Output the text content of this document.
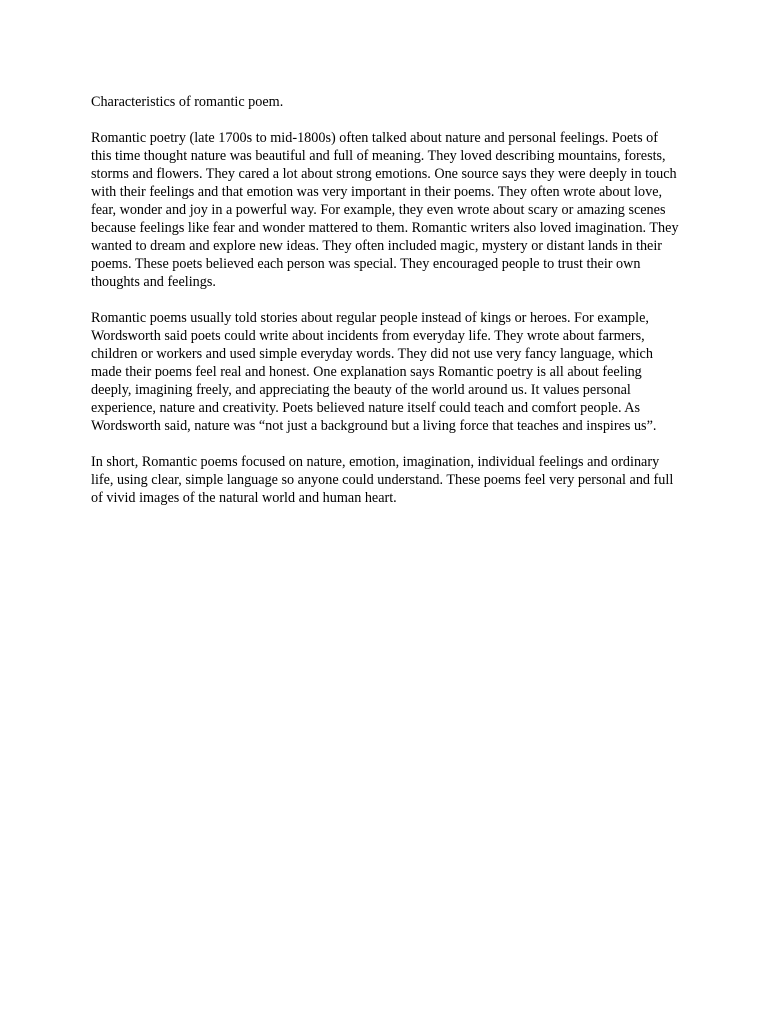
Characteristics of romantic poem.

Romantic poetry (late 1700s to mid-1800s) often talked about nature and personal feelings. Poets of this time thought nature was beautiful and full of meaning. They loved describing mountains, forests, storms and flowers. They cared a lot about strong emotions. One source says they were deeply in touch with their feelings and that emotion was very important in their poems. They often wrote about love, fear, wonder and joy in a powerful way. For example, they even wrote about scary or amazing scenes because feelings like fear and wonder mattered to them. Romantic writers also loved imagination. They wanted to dream and explore new ideas. They often included magic, mystery or distant lands in their poems. These poets believed each person was special. They encouraged people to trust their own thoughts and feelings.

Romantic poems usually told stories about regular people instead of kings or heroes. For example, Wordsworth said poets could write about incidents from everyday life. They wrote about farmers, children or workers and used simple everyday words. They did not use very fancy language, which made their poems feel real and honest. One explanation says Romantic poetry is all about feeling deeply, imagining freely, and appreciating the beauty of the world around us. It values personal experience, nature and creativity. Poets believed nature itself could teach and comfort people. As Wordsworth said, nature was “not just a background but a living force that teaches and inspires us”.

In short, Romantic poems focused on nature, emotion, imagination, individual feelings and ordinary life, using clear, simple language so anyone could understand. These poems feel very personal and full of vivid images of the natural world and human heart.
